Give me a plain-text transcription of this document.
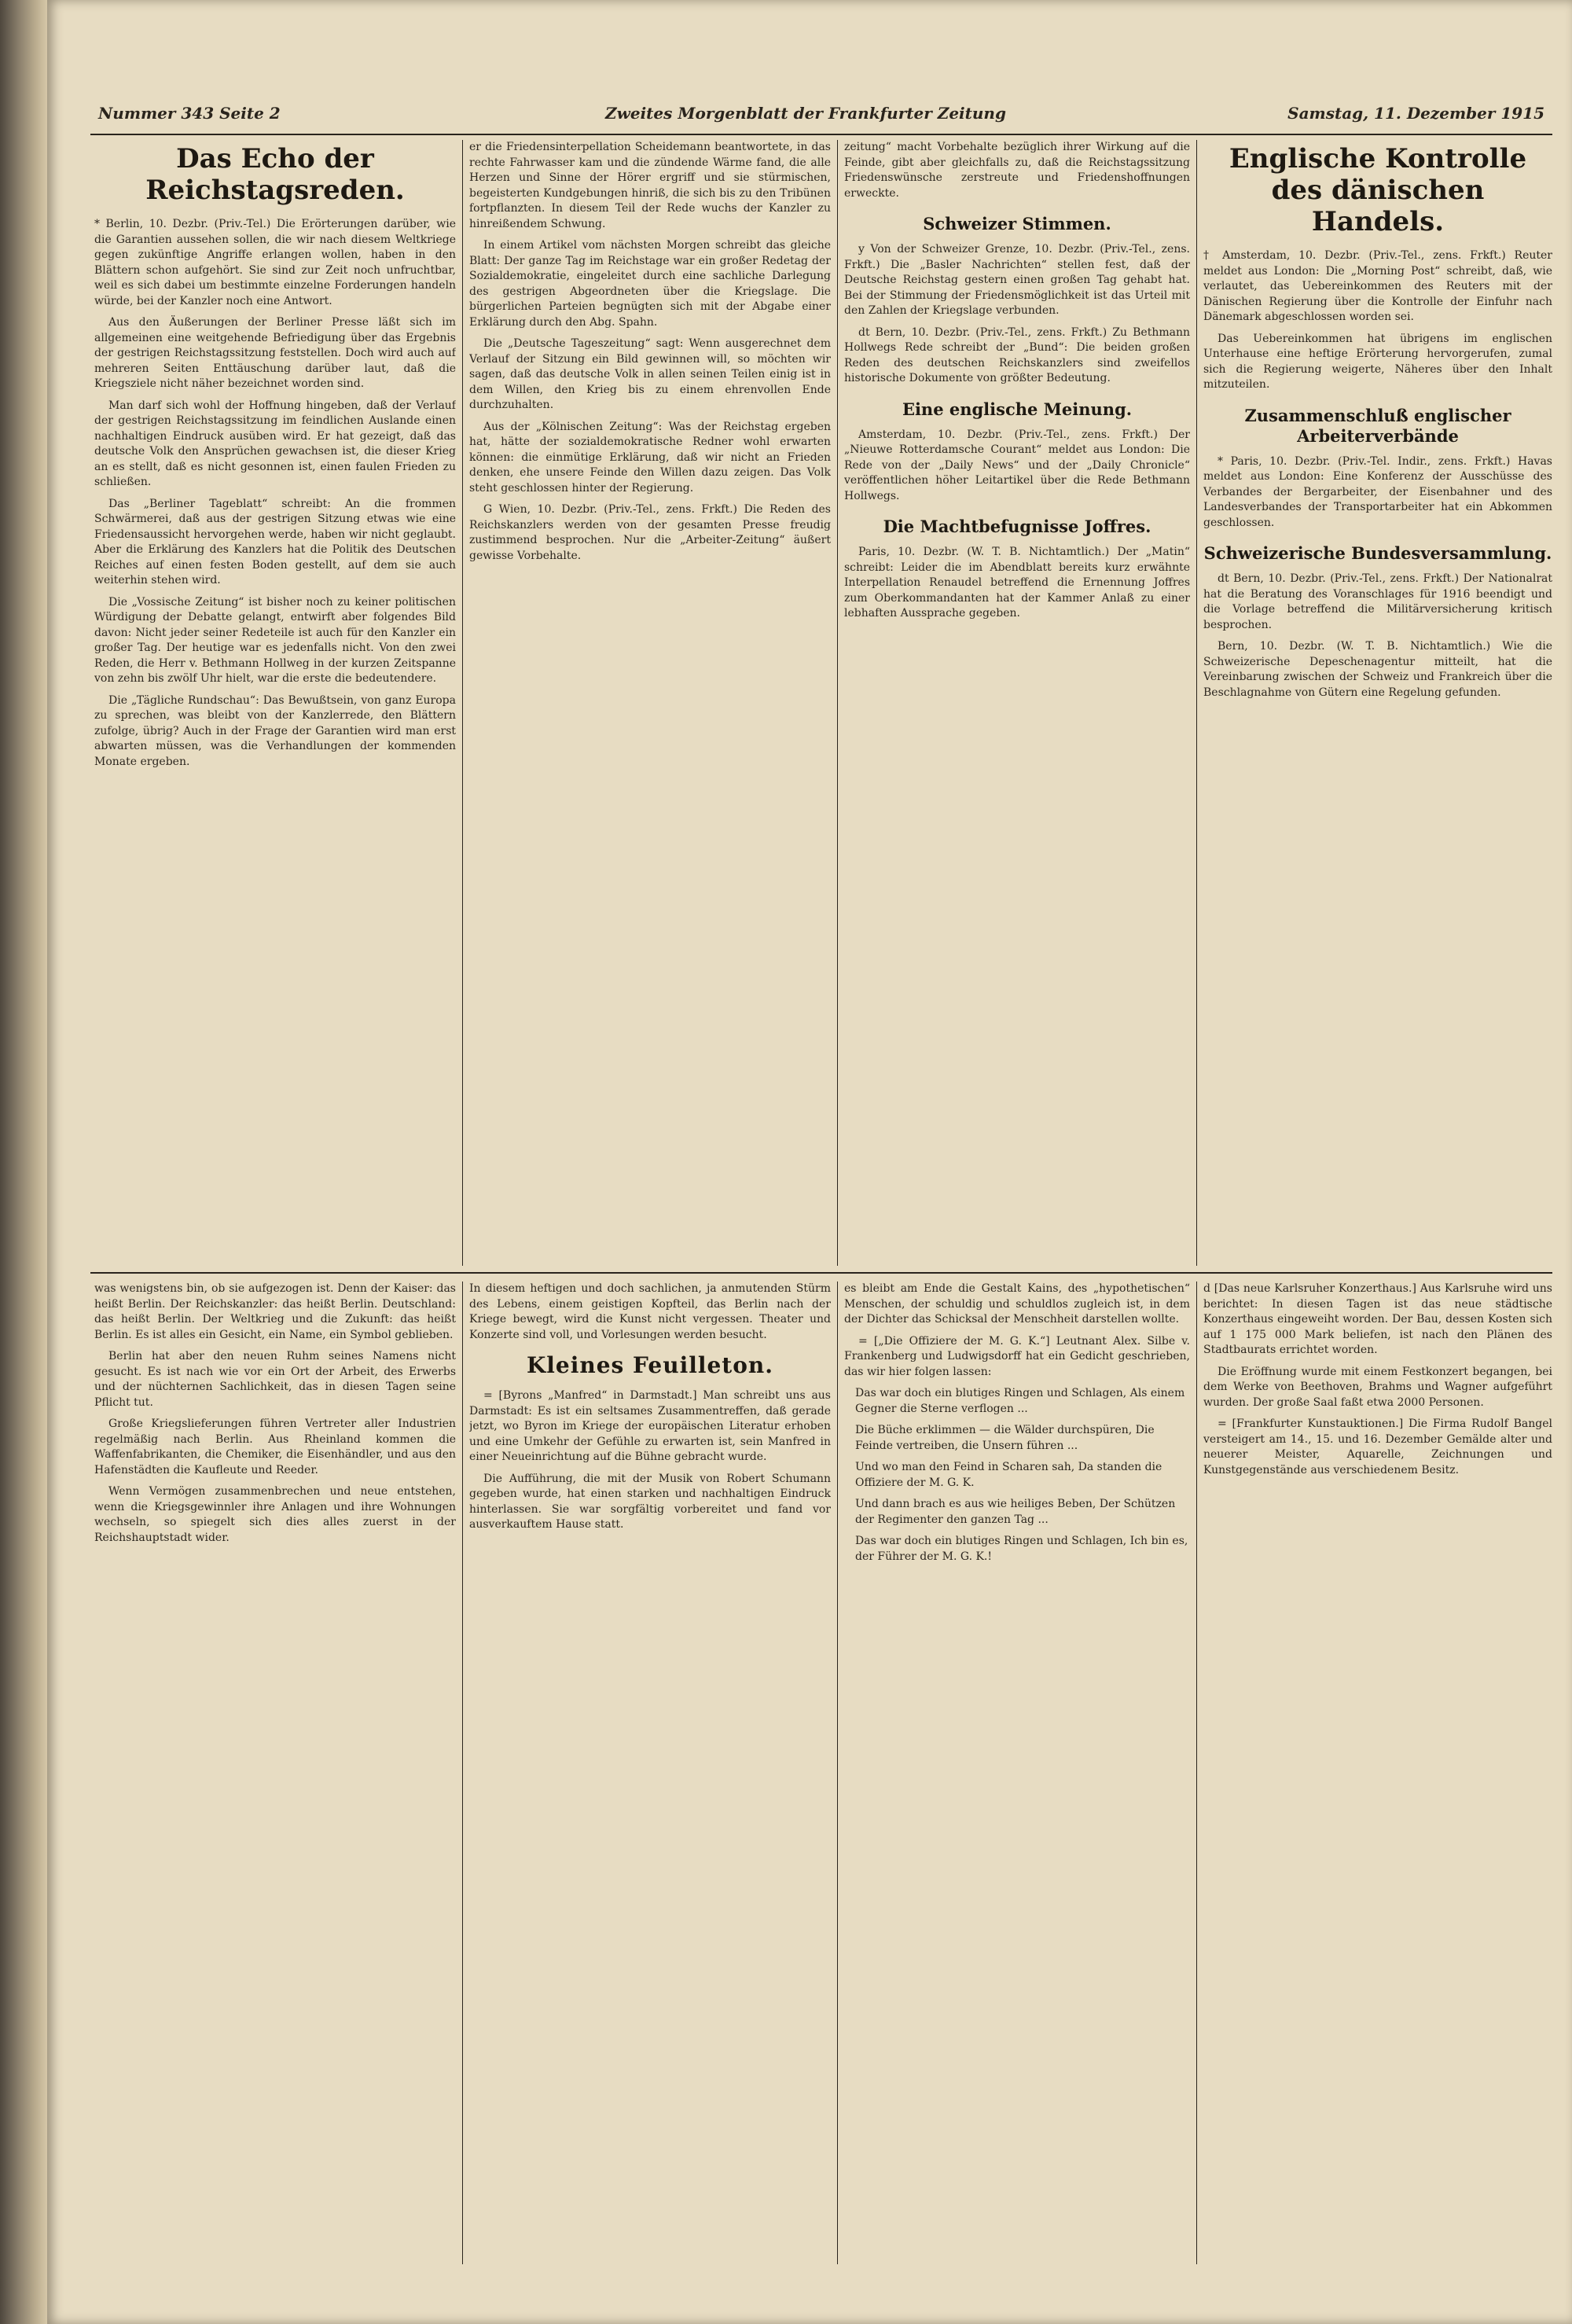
Nummer 343 Seite 2	Zweites Morgenblatt der Frankfurter Zeitung	Samstag, 11. Dezember 1915
Das Echo der Reichstagsreden.

* Berlin, 10. Dezbr. (Priv.-Tel.) Die Erörterungen darüber, wie die Garantien aussehen sollen, die wir nach diesem Weltkriege gegen zukünftige Angriffe erlangen wollen, haben in den Blättern schon aufgehört. Sie sind zur Zeit noch unfruchtbar, weil es sich dabei um bestimmte einzelne Forderungen handeln würde, bei der Kanzler noch eine Antwort.

Aus den Äußerungen der Berliner Presse läßt sich im allgemeinen eine weitgehende Befriedigung über das Ergebnis der gestrigen Reichstagssitzung feststellen. Doch wird auch auf mehreren Seiten Enttäuschung darüber laut, daß die Kriegsziele nicht näher bezeichnet worden sind.

Man darf sich wohl der Hoffnung hingeben, daß der Verlauf der gestrigen Reichstagssitzung im feindlichen Auslande einen nachhaltigen Eindruck ausüben wird. Er hat gezeigt, daß das deutsche Volk den Ansprüchen gewachsen ist, die dieser Krieg an es stellt, daß es nicht gesonnen ist, einen faulen Frieden zu schließen.

Das „Berliner Tageblatt“ schreibt: An die frommen Schwärmerei, daß aus der gestrigen Sitzung etwas wie eine Friedensaussicht hervorgehen werde, haben wir nicht geglaubt. Aber die Erklärung des Kanzlers hat die Politik des Deutschen Reiches auf einen festen Boden gestellt, auf dem sie auch weiterhin stehen wird.

Die „Vossische Zeitung“ ist bisher noch zu keiner politischen Würdigung der Debatte gelangt, entwirft aber folgendes Bild davon: Nicht jeder seiner Redeteile ist auch für den Kanzler ein großer Tag. Der heutige war es jedenfalls nicht. Von den zwei Reden, die Herr v. Bethmann Hollweg in der kurzen Zeitspanne von zehn bis zwölf Uhr hielt, war die erste die bedeutendere.

Die „Tägliche Rundschau“: Das Bewußtsein, von ganz Europa zu sprechen, was bleibt von der Kanzlerrede, den Blättern zufolge, übrig? Auch in der Frage der Garantien wird man erst abwarten müssen, was die Verhandlungen der kommenden Monate ergeben.

er die Friedensinterpellation Scheidemann beantwortete, in das rechte Fahrwasser kam und die zündende Wärme fand, die alle Herzen und Sinne der Hörer ergriff und sie stürmischen, begeisterten Kundgebungen hinriß, die sich bis zu den Tribünen fortpflanzten. In diesem Teil der Rede wuchs der Kanzler zu hinreißendem Schwung.

In einem Artikel vom nächsten Morgen schreibt das gleiche Blatt: Der ganze Tag im Reichstage war ein großer Redetag der Sozialdemokratie, eingeleitet durch eine sachliche Darlegung des gestrigen Abgeordneten über die Kriegslage. Die bürgerlichen Parteien begnügten sich mit der Abgabe einer Erklärung durch den Abg. Spahn.

Die „Deutsche Tageszeitung“ sagt: Wenn ausgerechnet dem Verlauf der Sitzung ein Bild gewinnen will, so möchten wir sagen, daß das deutsche Volk in allen seinen Teilen einig ist in dem Willen, den Krieg bis zu einem ehrenvollen Ende durchzuhalten.

Aus der „Kölnischen Zeitung“: Was der Reichstag ergeben hat, hätte der sozialdemokratische Redner wohl erwarten können: die einmütige Erklärung, daß wir nicht an Frieden denken, ehe unsere Feinde den Willen dazu zeigen. Das Volk steht geschlossen hinter der Regierung.

G Wien, 10. Dezbr. (Priv.-Tel., zens. Frkft.) Die Reden des Reichskanzlers werden von der gesamten Presse freudig zustimmend besprochen. Nur die „Arbeiter-Zeitung“ äußert gewisse Vorbehalte.

zeitung“ macht Vorbehalte bezüglich ihrer Wirkung auf die Feinde, gibt aber gleichfalls zu, daß die Reichstagssitzung Friedenswünsche zerstreute und Friedenshoffnungen erweckte.

Schweizer Stimmen.

y Von der Schweizer Grenze, 10. Dezbr. (Priv.-Tel., zens. Frkft.) Die „Basler Nachrichten“ stellen fest, daß der Deutsche Reichstag gestern einen großen Tag gehabt hat. Bei der Stimmung der Friedensmöglichkeit ist das Urteil mit den Zahlen der Kriegslage verbunden.

dt Bern, 10. Dezbr. (Priv.-Tel., zens. Frkft.) Zu Bethmann Hollwegs Rede schreibt der „Bund“: Die beiden großen Reden des deutschen Reichskanzlers sind zweifellos historische Dokumente von größter Bedeutung.

Eine englische Meinung.

Amsterdam, 10. Dezbr. (Priv.-Tel., zens. Frkft.) Der „Nieuwe Rotterdamsche Courant“ meldet aus London: Die Rede von der „Daily News“ und der „Daily Chronicle“ veröffentlichen höher Leitartikel über die Rede Bethmann Hollwegs.

Die Machtbefugnisse Joffres.

Paris, 10. Dezbr. (W. T. B. Nichtamtlich.) Der „Matin“ schreibt: Leider die im Abendblatt bereits kurz erwähnte Interpellation Renaudel betreffend die Ernennung Joffres zum Oberkommandanten hat der Kammer Anlaß zu einer lebhaften Aussprache gegeben.

Englische Kontrolle des dänischen Handels.

† Amsterdam, 10. Dezbr. (Priv.-Tel., zens. Frkft.) Reuter meldet aus London: Die „Morning Post“ schreibt, daß, wie verlautet, das Uebereinkommen des Reuters mit der Dänischen Regierung über die Kontrolle der Einfuhr nach Dänemark abgeschlossen worden sei.

Das Uebereinkommen hat übrigens im englischen Unterhause eine heftige Erörterung hervorgerufen, zumal sich die Regierung weigerte, Näheres über den Inhalt mitzuteilen.

Zusammenschluß englischer Arbeiterverbände

* Paris, 10. Dezbr. (Priv.-Tel. Indir., zens. Frkft.) Havas meldet aus London: Eine Konferenz der Ausschüsse des Verbandes der Bergarbeiter, der Eisenbahner und des Landesverbandes der Transportarbeiter hat ein Abkommen geschlossen.

Schweizerische Bundesversammlung.

dt Bern, 10. Dezbr. (Priv.-Tel., zens. Frkft.) Der Nationalrat hat die Beratung des Voranschlages für 1916 beendigt und die Vorlage betreffend die Militärversicherung kritisch besprochen.

Bern, 10. Dezbr. (W. T. B. Nichtamtlich.) Wie die Schweizerische Depeschenagentur mitteilt, hat die Vereinbarung zwischen der Schweiz und Frankreich über die Beschlagnahme von Gütern eine Regelung gefunden.

was wenigstens bin, ob sie aufgezogen ist. Denn der Kaiser: das heißt Berlin. Der Reichskanzler: das heißt Berlin. Deutschland: das heißt Berlin. Der Weltkrieg und die Zukunft: das heißt Berlin. Es ist alles ein Gesicht, ein Name, ein Symbol geblieben.

Berlin hat aber den neuen Ruhm seines Namens nicht gesucht. Es ist nach wie vor ein Ort der Arbeit, des Erwerbs und der nüchternen Sachlichkeit, das in diesen Tagen seine Pflicht tut.

Große Kriegslieferungen führen Vertreter aller Industrien regelmäßig nach Berlin. Aus Rheinland kommen die Waffenfabrikanten, die Chemiker, die Eisenhändler, und aus den Hafenstädten die Kaufleute und Reeder.

Wenn Vermögen zusammenbrechen und neue entstehen, wenn die Kriegsgewinnler ihre Anlagen und ihre Wohnungen wechseln, so spiegelt sich dies alles zuerst in der Reichshauptstadt wider.

In diesem heftigen und doch sachlichen, ja anmutenden Stürm des Lebens, einem geistigen Kopfteil, das Berlin nach der Kriege bewegt, wird die Kunst nicht vergessen. Theater und Konzerte sind voll, und Vorlesungen werden besucht.

Kleines Feuilleton.

= [Byrons „Manfred“ in Darmstadt.] Man schreibt uns aus Darmstadt: Es ist ein seltsames Zusammentreffen, daß gerade jetzt, wo Byron im Kriege der europäischen Literatur erhoben und eine Umkehr der Gefühle zu erwarten ist, sein Manfred in einer Neueinrichtung auf die Bühne gebracht wurde.

Die Aufführung, die mit der Musik von Robert Schumann gegeben wurde, hat einen starken und nachhaltigen Eindruck hinterlassen. Sie war sorgfältig vorbereitet und fand vor ausverkauftem Hause statt.

es bleibt am Ende die Gestalt Kains, des „hypothetischen“ Menschen, der schuldig und schuldlos zugleich ist, in dem der Dichter das Schicksal der Menschheit darstellen wollte.

= [„Die Offiziere der M. G. K.“] Leutnant Alex. Silbe v. Frankenberg und Ludwigsdorff hat ein Gedicht geschrieben, das wir hier folgen lassen:

Das war doch ein blutiges Ringen und Schlagen, Als einem Gegner die Sterne verflogen ...

Die Büche erklimmen — die Wälder durchspüren, Die Feinde vertreiben, die Unsern führen ...

Und wo man den Feind in Scharen sah, Da standen die Offiziere der M. G. K.

Und dann brach es aus wie heiliges Beben, Der Schützen der Regimenter den ganzen Tag ...

Das war doch ein blutiges Ringen und Schlagen, Ich bin es, der Führer der M. G. K.!

d [Das neue Karlsruher Konzerthaus.] Aus Karlsruhe wird uns berichtet: In diesen Tagen ist das neue städtische Konzerthaus eingeweiht worden. Der Bau, dessen Kosten sich auf 1 175 000 Mark beliefen, ist nach den Plänen des Stadtbaurats errichtet worden.

Die Eröffnung wurde mit einem Festkonzert begangen, bei dem Werke von Beethoven, Brahms und Wagner aufgeführt wurden. Der große Saal faßt etwa 2000 Personen.

= [Frankfurter Kunstauktionen.] Die Firma Rudolf Bangel versteigert am 14., 15. und 16. Dezember Gemälde alter und neuerer Meister, Aquarelle, Zeichnungen und Kunstgegenstände aus verschiedenem Besitz.
